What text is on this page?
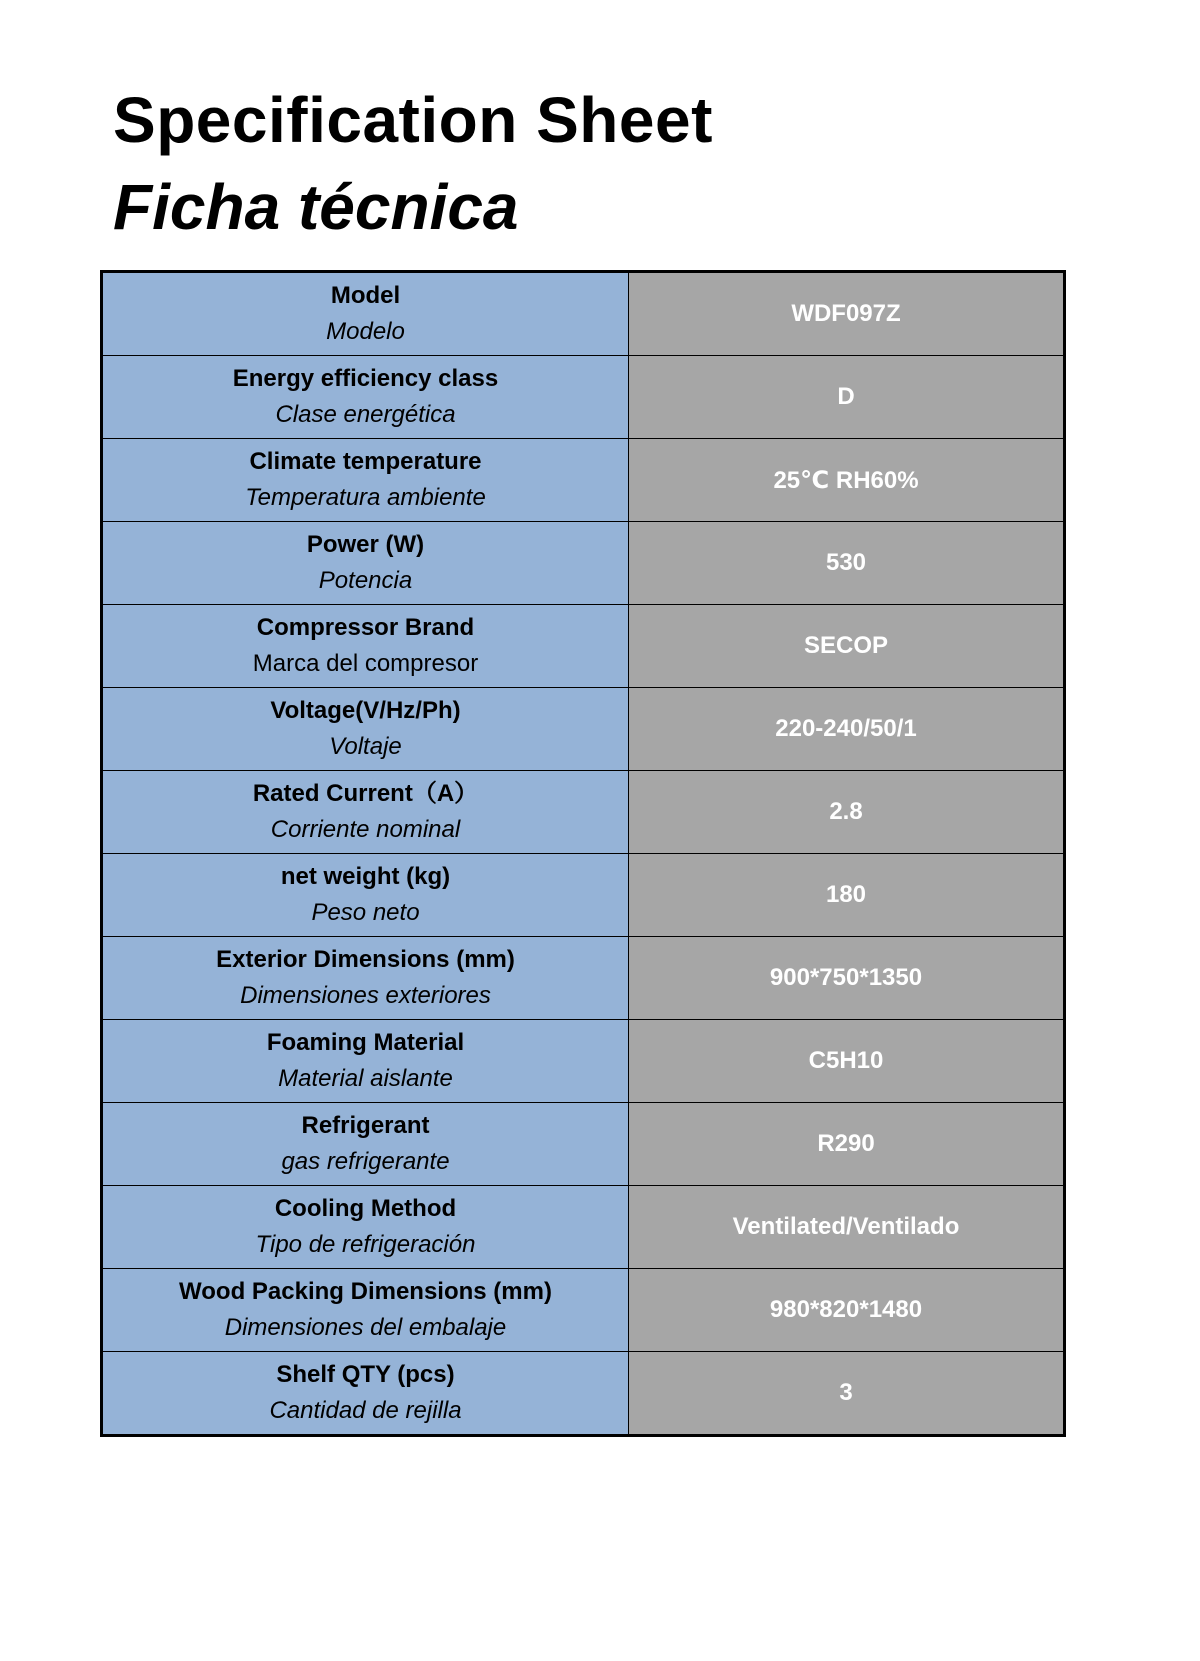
Specification Sheet
Ficha técnica
Model
Modelo	WDF097Z

Energy efficiency class
Clase energética	D

Climate temperature
Temperatura ambiente	25℃ RH60%

Power (W)
Potencia	530

Compressor Brand
Marca del compresor	SECOP

Voltage(V/Hz/Ph)
Voltaje	220-240/50/1

Rated Current（A）
Corriente nominal	2.8

net weight (kg)
Peso neto	180

Exterior Dimensions (mm)
Dimensiones exteriores	900*750*1350

Foaming Material
Material aislante	C5H10

Refrigerant
gas refrigerante	R290

Cooling Method
Tipo de refrigeración	Ventilated/Ventilado

Wood Packing Dimensions (mm)
Dimensiones del embalaje	980*820*1480

Shelf QTY (pcs)
Cantidad de rejilla	3
